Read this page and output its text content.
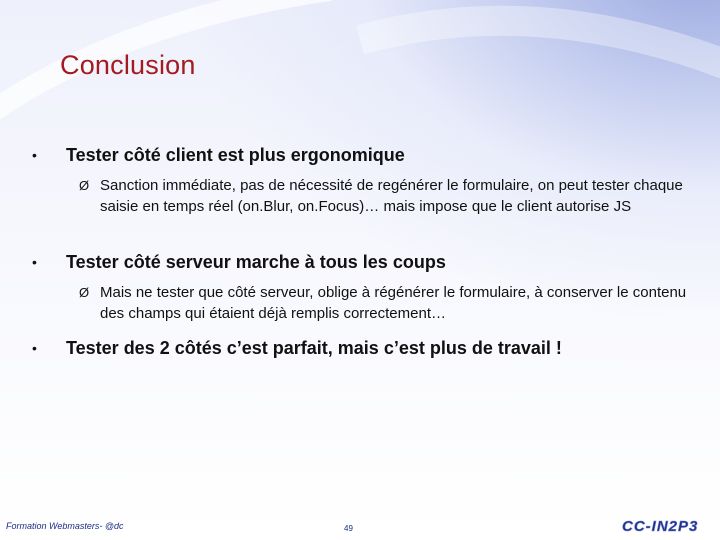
Conclusion
• Tester côté client est plus ergonomique
Ø Sanction immédiate, pas de nécessité de regénérer le formulaire, on peut tester chaque saisie en temps réel (on.Blur, on.Focus)… mais impose que le client autorise JS
• Tester côté serveur marche à tous les coups
Ø Mais ne tester que côté serveur, oblige à régénérer le formulaire, à conserver le contenu des champs qui étaient déjà remplis correctement…
• Tester des 2 côtés c’est parfait, mais c’est plus de travail !
Formation Webmasters- @dc	49	CC-IN2P3
